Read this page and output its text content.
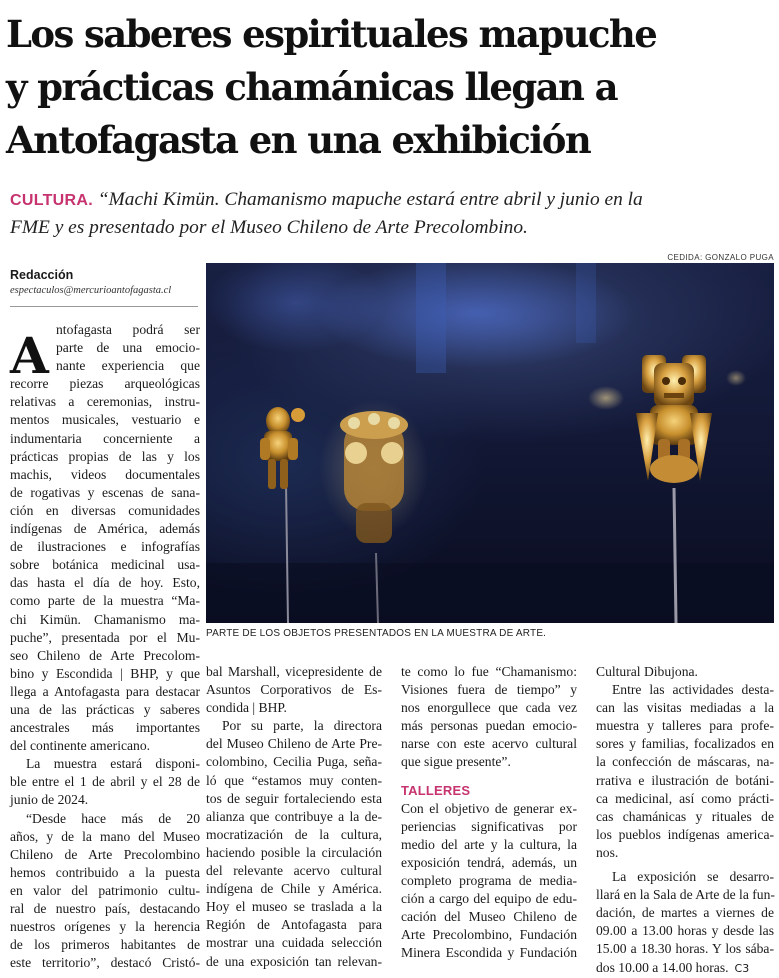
Los saberes espirituales mapuche
y prácticas chamánicas llegan a
Antofagasta en una exhibición
CULTURA. “Machi Kimün. Chamanismo mapuche estará entre abril y junio en la
FME y es presentado por el Museo Chileno de Arte Precolombino.
Redacción
espectaculos@mercurioantofagasta.cl
CEDIDA: GONZALO PUGA
PARTE DE LOS OBJETOS PRESENTADOS EN LA MUESTRA DE ARTE.
A ntofagasta podrá ser
parte de una emocio-
nante experiencia que
recorre piezas arqueológicas
relativas a ceremonias, instru-
mentos musicales, vestuario e
indumentaria concerniente a
prácticas propias de las y los
machis, videos documentales
de rogativas y escenas de sana-
ción en diversas comunidades
indígenas de América, además
de ilustraciones e infografías
sobre botánica medicinal usa-
das hasta el día de hoy. Esto,
como parte de la muestra “Ma-
chi Kimün. Chamanismo ma-
puche”, presentada por el Mu-
seo Chileno de Arte Precolom-
bino y Escondida | BHP, y que
llega a Antofagasta para destacar
una de las prácticas y saberes
ancestrales más importantes
del continente americano.
La muestra estará disponi-
ble entre el 1 de abril y el 28 de
junio de 2024.
“Desde hace más de 20
años, y de la mano del Museo
Chileno de Arte Precolombino
hemos contribuido a la puesta
en valor del patrimonio cultu-
ral de nuestro país, destacando
nuestros orígenes y la herencia
de los primeros habitantes de
este territorio”, destacó Cristó-
bal Marshall, vicepresidente de
Asuntos Corporativos de Es-
condida | BHP.
Por su parte, la directora
del Museo Chileno de Arte Pre-
colombino, Cecilia Puga, seña-
ló que “estamos muy conten-
tos de seguir fortaleciendo esta
alianza que contribuye a la de-
mocratización de la cultura,
haciendo posible la circulación
del relevante acervo cultural
indígena de Chile y América.
Hoy el museo se traslada a la
Región de Antofagasta para
mostrar una cuidada selección
de una exposición tan relevan-
te como lo fue “Chamanismo:
Visiones fuera de tiempo” y
nos enorgullece que cada vez
más personas puedan emocio-
narse con este acervo cultural
que sigue presente”.
TALLERES
Con el objetivo de generar ex-
periencias significativas por
medio del arte y la cultura, la
exposición tendrá, además, un
completo programa de media-
ción a cargo del equipo de edu-
cación del Museo Chileno de
Arte Precolombino, Fundación
Minera Escondida y Fundación
Cultural Dibujona.
Entre las actividades desta-
can las visitas mediadas a la
muestra y talleres para profe-
sores y familias, focalizados en
la confección de máscaras, na-
rrativa e ilustración de botáni-
ca medicinal, así como prácti-
cas chamánicas y rituales de
los pueblos indígenas america-
nos.
La exposición se desarro-
llará en la Sala de Arte de la fun-
dación, de martes a viernes de
09.00 a 13.00 horas y desde las
15.00 a 18.30 horas. Y los sába-
dos 10.00 a 14.00 horas. C3
